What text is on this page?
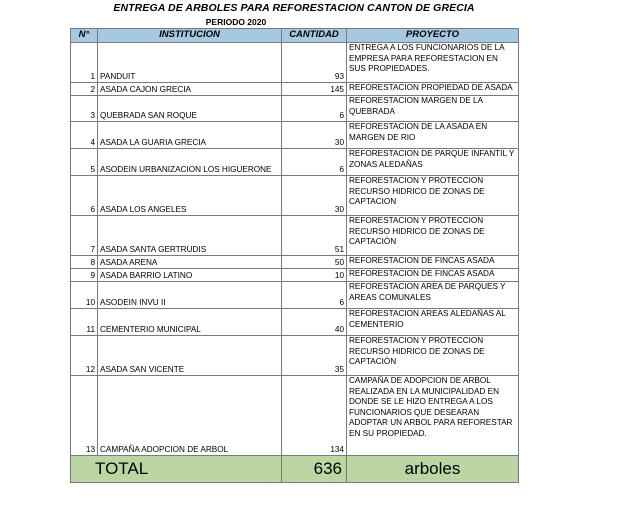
ENTREGA DE ARBOLES PARA REFORESTACION CANTON DE GRECIA
PERIODO 2020
N°	INSTITUCION	CANTIDAD	PROYECTO
1	PANDUIT	93	ENTREGA A LOS FUNCIONARIOS DE LA EMPRESA PARA REFORESTACION EN SUS PROPIEDADES.
2	ASADA CAJON GRECIA	145	REFORESTACION PROPIEDAD DE ASADA
3	QUEBRADA SAN ROQUE	6	REFORESTACION MARGEN DE LA QUEBRADA
4	ASADA LA GUARIA GRECIA	30	REFORESTACION DE LA ASADA EN MARGEN DE RIO
5	ASODEIN URBANIZACION LOS HIGUERONE	6	REFORESTACION DE PARQUE INFANTIL Y ZONAS ALEDAÑAS
6	ASADA LOS ANGELES	30	REFORESTACION Y PROTECCION RECURSO HIDRICO DE ZONAS DE CAPTACION
7	ASADA SANTA GERTRUDIS	51	REFORESTACION Y PROTECCION RECURSO HIDRICO DE ZONAS DE CAPTACIÓN
8	ASADA ARENA	50	REFORESTACION DE FINCAS ASADA
9	ASADA BARRIO LATINO	10	REFORESTACION DE FINCAS ASADA
10	ASODEIN INVU II	6	REFORESTACION AREA DE PARQUES Y AREAS COMUNALES
11	CEMENTERIO MUNICIPAL	40	REFORESTACION AREAS ALEDAÑAS AL CEMENTERIO
12	ASADA SAN VICENTE	35	REFORESTACION Y PROTECCION RECURSO HIDRICO DE ZONAS DE CAPTACIÓN
13	CAMPAÑA ADOPCION DE ARBOL	134	CAMPAÑA DE ADOPCION DE ARBOL REALIZADA EN LA MUNICIPALIDAD EN DONDE SE LE HIZO ENTREGA A LOS FUNCIONARIOS QUE DESEARAN ADOPTAR UN ARBOL PARA REFORESTAR EN SU PROPIEDAD.
TOTAL		636	arboles
